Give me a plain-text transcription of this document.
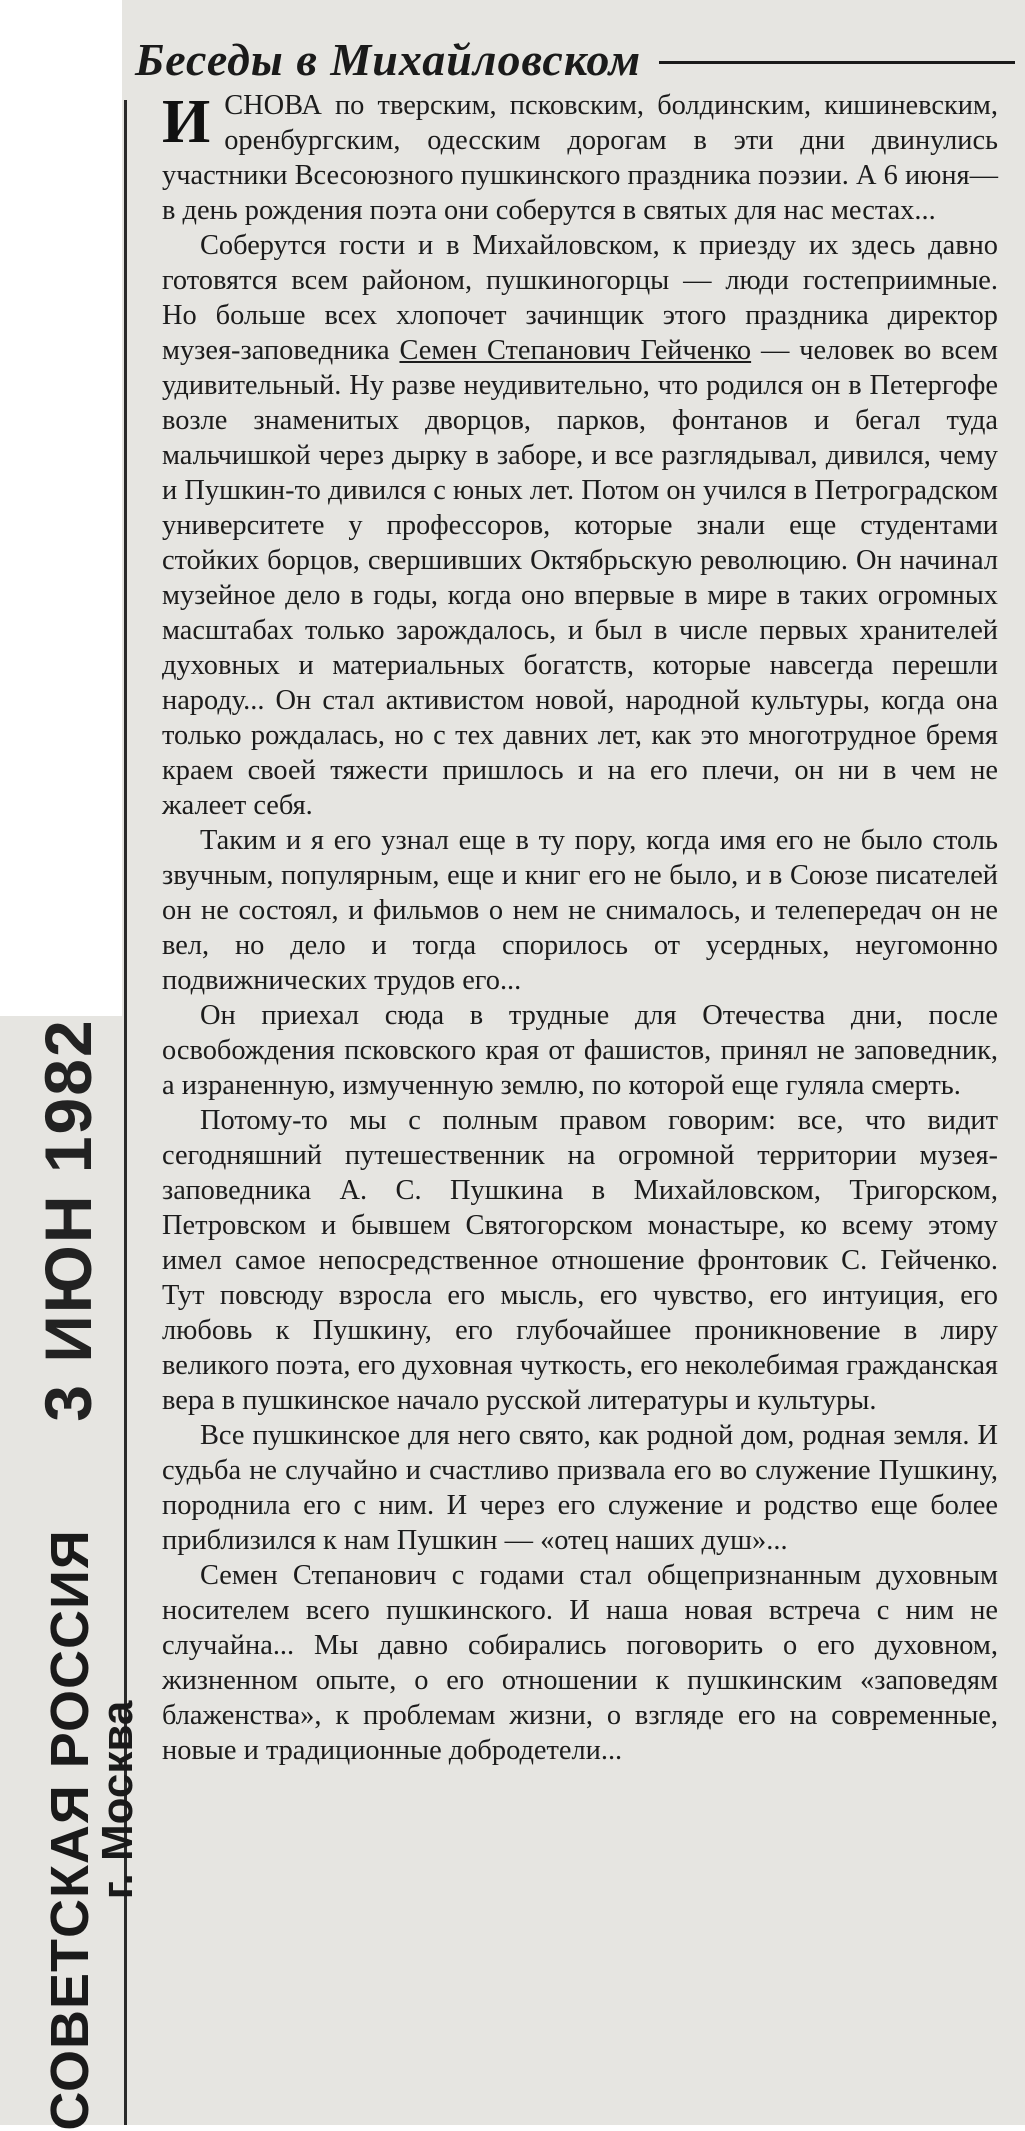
Беседы в Михайловском

ИСНОВА по тверским, псковским, болдинским, кишиневским, оренбургским, одесским дорогам в эти дни двинулись участники Всесоюзного пушкинского праздника поэзии. А 6 июня—в день рождения поэта они соберутся в святых для нас местах...

Соберутся гости и в Михайловском, к приезду их здесь давно готовятся всем районом, пушкиногорцы — люди гостеприимные. Но больше всех хлопочет зачинщик этого праздника директор музея-заповедника Семен Степанович Гейченко — человек во всем удивительный. Ну разве неудивительно, что родился он в Петергофе возле знаменитых дворцов, парков, фонтанов и бегал туда мальчишкой через дырку в заборе, и все разглядывал, дивился, чему и Пушкин-то дивился с юных лет. Потом он учился в Петроградском университете у профессоров, которые знали еще студентами стойких борцов, свершивших Октябрьскую революцию. Он начинал музейное дело в годы, когда оно впервые в мире в таких огромных масштабах только зарождалось, и был в числе первых хранителей духовных и материальных богатств, которые навсегда перешли народу... Он стал активистом новой, народной культуры, когда она только рождалась, но с тех давних лет, как это многотрудное бремя краем своей тяжести пришлось и на его плечи, он ни в чем не жалеет себя.

Таким и я его узнал еще в ту пору, когда имя его не было столь звучным, популярным, еще и книг его не было, и в Союзе писателей он не состоял, и фильмов о нем не снималось, и телепередач он не вел, но дело и тогда спорилось от усердных, неугомонно подвижнических трудов его...

Он приехал сюда в трудные для Отечества дни, после освобождения псковского края от фашистов, принял не заповедник, а израненную, измученную землю, по которой еще гуляла смерть.

Потому-то мы с полным правом говорим: все, что видит сегодняшний путешественник на огромной территории музея-заповедника А. С. Пушкина в Михайловском, Тригорском, Петровском и бывшем Святогорском монастыре, ко всему этому имел самое непосредственное отношение фронтовик С. Гейченко. Тут повсюду взросла его мысль, его чувство, его интуиция, его любовь к Пушкину, его глубочайшее проникновение в лиру великого поэта, его духовная чуткость, его неколебимая гражданская вера в пушкинское начало русской литературы и культуры.

Все пушкинское для него свято, как родной дом, родная земля. И судьба не случайно и счастливо призвала его во служение Пушкину, породнила его с ним. И через его служение и родство еще более приблизился к нам Пушкин — «отец наших душ»...

Семен Степанович с годами стал общепризнанным духовным носителем всего пушкинского. И наша новая встреча с ним не случайна... Мы давно собирались поговорить о его духовном, жизненном опыте, о его отношении к пушкинским «заповедям блаженства», к проблемам жизни, о взгляде его на современные, новые и традиционные добродетели...

3 ИЮН 1982
СОВЕТСКАЯ РОССИЯ
г. Москва
